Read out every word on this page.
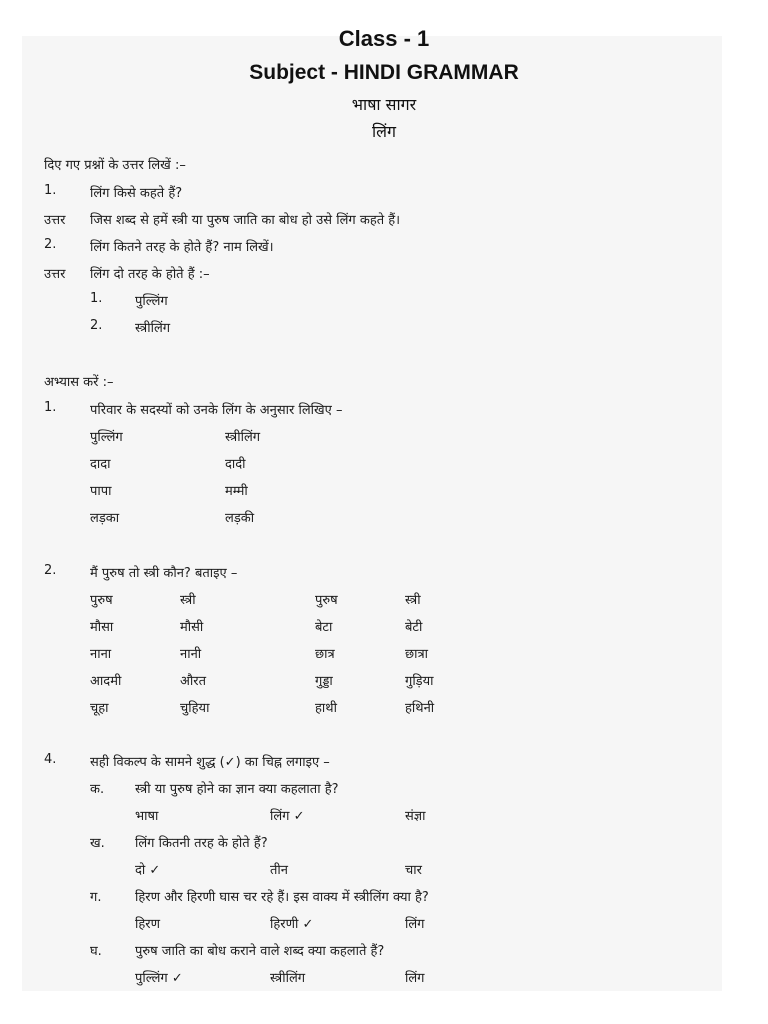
Class - 1
Subject - HINDI GRAMMAR
भाषा सागर
लिंग
दिए गए प्रश्नों के उत्तर लिखें :–
1.	लिंग किसे कहते हैं?
उत्तर जिस शब्द से हमें स्त्री या पुरुष जाति का बोध हो उसे लिंग कहते हैं।
2.	लिंग कितने तरह के होते हैं? नाम लिखें।
उत्तर लिंग दो तरह के होते हैं :–
1.	पुल्लिंग
2.	स्त्रीलिंग
अभ्यास करें :–
1.	परिवार के सदस्यों को उनके लिंग के अनुसार लिखिए –
पुल्लिंग	स्त्रीलिंग
दादा	दादी
पापा	मम्मी
लड़का	लड़की
2.	मैं पुरुष तो स्त्री कौन? बताइए –
पुरुष	स्त्री	पुरुष	स्त्री
मौसा	मौसी	बेटा	बेटी
नाना	नानी	छात्र	छात्रा
आदमी	औरत	गुड्डा	गुड़िया
चूहा	चुहिया	हाथी	हथिनी
4.	सही विकल्प के सामने शुद्ध (✓) का चिह्न लगाइए –
क. स्त्री या पुरुष होने का ज्ञान क्या कहलाता है?
भाषा	लिंग ✓	संज्ञा
ख. लिंग कितनी तरह के होते हैं?
दो ✓	तीन	चार
ग.	हिरण और हिरणी घास चर रहे हैं। इस वाक्य में स्त्रीलिंग क्या है?
हिरण	हिरणी ✓	लिंग
घ.	पुरुष जाति का बोध कराने वाले शब्द क्या कहलाते हैं?
पुल्लिंग ✓	स्त्रीलिंग	लिंग
